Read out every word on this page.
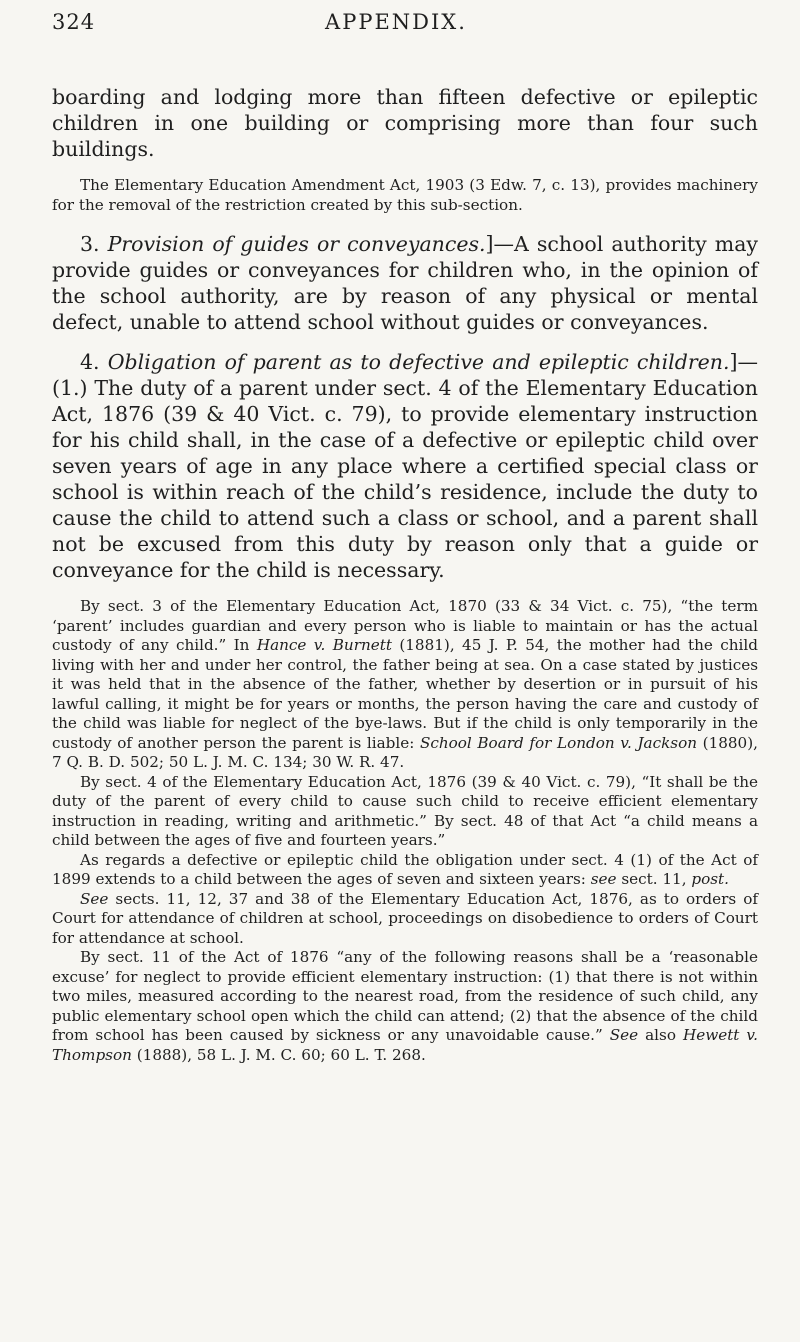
324	APPENDIX.

boarding and lodging more than fifteen defective or epileptic children in one building or comprising more than four such buildings.

The Elementary Education Amendment Act, 1903 (3 Edw. 7, c. 13), provides machinery for the removal of the restriction created by this sub-section.

3. Provision of guides or conveyances.]—A school authority may provide guides or conveyances for children who, in the opinion of the school authority, are by reason of any physical or mental defect, unable to attend school without guides or conveyances.

4. Obligation of parent as to defective and epileptic children.]—(1.) The duty of a parent under sect. 4 of the Elementary Education Act, 1876 (39 & 40 Vict. c. 79), to provide elementary instruction for his child shall, in the case of a defective or epileptic child over seven years of age in any place where a certified special class or school is within reach of the child’s residence, include the duty to cause the child to attend such a class or school, and a parent shall not be excused from this duty by reason only that a guide or conveyance for the child is necessary.

By sect. 3 of the Elementary Education Act, 1870 (33 & 34 Vict. c. 75), “the term ‘parent’ includes guardian and every person who is liable to maintain or has the actual custody of any child.” In Hance v. Burnett (1881), 45 J. P. 54, the mother had the child living with her and under her control, the father being at sea. On a case stated by justices it was held that in the absence of the father, whether by desertion or in pursuit of his lawful calling, it might be for years or months, the person having the care and custody of the child was liable for neglect of the bye-laws. But if the child is only temporarily in the custody of another person the parent is liable: School Board for London v. Jackson (1880), 7 Q. B. D. 502; 50 L. J. M. C. 134; 30 W. R. 47.

By sect. 4 of the Elementary Education Act, 1876 (39 & 40 Vict. c. 79), “It shall be the duty of the parent of every child to cause such child to receive efficient elementary instruction in reading, writing and arithmetic.” By sect. 48 of that Act “a child means a child between the ages of five and fourteen years.”

As regards a defective or epileptic child the obligation under sect. 4 (1) of the Act of 1899 extends to a child between the ages of seven and sixteen years: see sect. 11, post.

See sects. 11, 12, 37 and 38 of the Elementary Education Act, 1876, as to orders of Court for attendance of children at school, proceedings on disobedience to orders of Court for attendance at school.

By sect. 11 of the Act of 1876 “any of the following reasons shall be a ‘reasonable excuse’ for neglect to provide efficient elementary instruction: (1) that there is not within two miles, measured according to the nearest road, from the residence of such child, any public elementary school open which the child can attend; (2) that the absence of the child from school has been caused by sickness or any unavoidable cause.” See also Hewett v. Thompson (1888), 58 L. J. M. C. 60; 60 L. T. 268.
